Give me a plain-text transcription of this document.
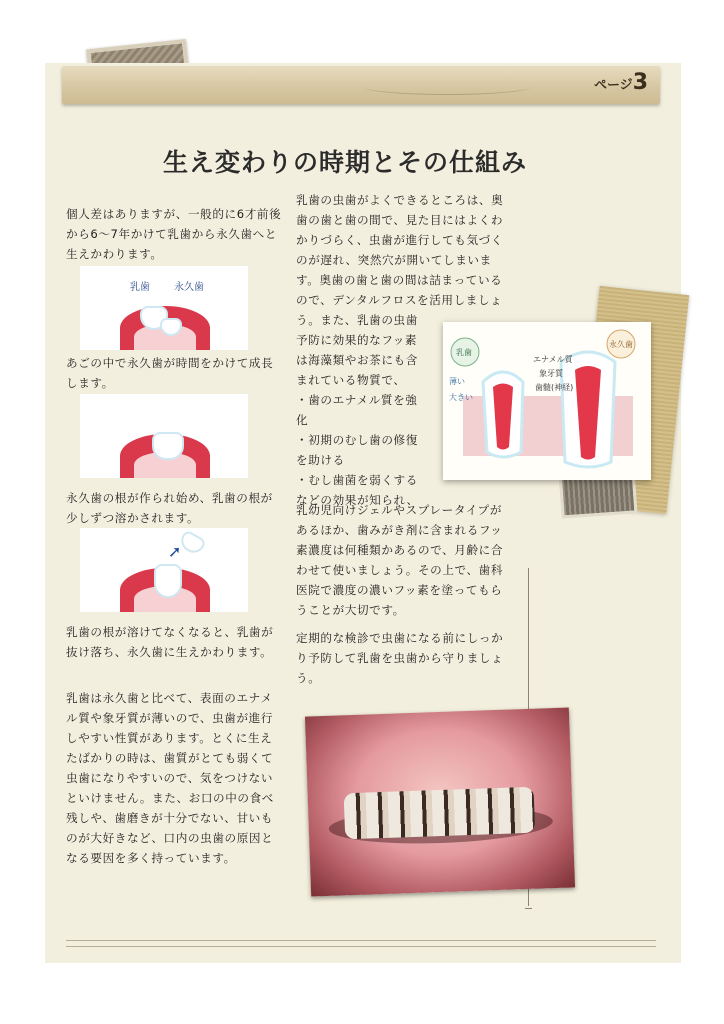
ページ3
生え変わりの時期とその仕組み

個人差はありますが、一般的に6才前後から6〜7年かけて乳歯から永久歯へと生えかわります。

乳歯 永久歯

あごの中で永久歯が時間をかけて成長します。

永久歯の根が作られ始め、乳歯の根が少しずつ溶かされます。

➚

乳歯の根が溶けてなくなると、乳歯が抜け落ち、永久歯に生えかわります。

乳歯は永久歯と比べて、表面のエナメル質や象牙質が薄いので、虫歯が進行しやすい性質があります。とくに生えたばかりの時は、歯質がとても弱くて虫歯になりやすいので、気をつけないといけません。また、お口の中の食べ残しや、歯磨きが十分でない、甘いものが大好きなど、口内の虫歯の原因となる要因を多く持っています。

乳歯の虫歯がよくできるところは、奥歯の歯と歯の間で、見た目にはよくわかりづらく、虫歯が進行しても気づくのが遅れ、突然穴が開いてしまいます。奥歯の歯と歯の間は詰まっているので、デンタルフロスを活用しましょう。また、乳歯の虫歯

予防に効果的なフッ素は海藻類やお茶にも含まれている物質で、
・歯のエナメル質を強化
・初期のむし歯の修復を助ける
・むし歯菌を弱くする
などの効果が知られ、

乳幼児向けジェルやスプレータイプがあるほか、歯みがき剤に含まれるフッ素濃度は何種類かあるので、月齢に合わせて使いましょう。その上で、歯科医院で濃度の濃いフッ素を塗ってもらうことが大切です。

定期的な検診で虫歯になる前にしっかり予防して乳歯を虫歯から守りましょう。

乳歯
永久歯
エナメル質
象牙質
歯髄(神経)
薄い
大きい
